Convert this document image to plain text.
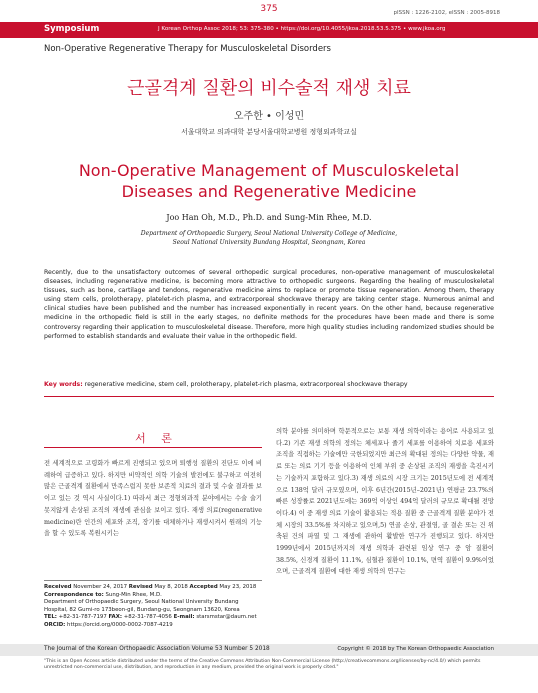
375	pISSN : 1226-2102, eISSN : 2005-8918
Symposium	J Korean Orthop Assoc 2018; 53: 375-380 • https://doi.org/10.4055/jkoa.2018.53.5.375 • www.jkoa.org
Non-Operative Regenerative Therapy for Musculoskeletal Disorders
근골격계 질환의 비수술적 재생 치료
오주한 • 이성민
서울대학교 의과대학 분당서울대학교병원 정형외과학교실
Non-Operative Management of Musculoskeletal
Diseases and Regenerative Medicine
Joo Han Oh, M.D., Ph.D. and Sung-Min Rhee, M.D.
Department of Orthopaedic Surgery, Seoul National University College of Medicine,
Seoul National University Bundang Hospital, Seongnam, Korea
Recently, due to the unsatisfactory outcomes of several orthopedic surgical procedures, non-operative management of musculoskeletal diseases, including regenerative medicine, is becoming more attractive to orthopedic surgeons. Regarding the healing of musculoskeletal tissues, such as bone, cartilage and tendons, regenerative medicine aims to replace or promote tissue regeneration. Among them, therapy using stem cells, prolotherapy, platelet-rich plasma, and extracorporeal shockwave therapy are taking center stage. Numerous animal and clinical studies have been published and the number has increased exponentially in recent years. On the other hand, because regenerative medicine in the orthopedic field is still in the early stages, no definite methods for the procedures have been made and there is some controversy regarding their application to musculoskeletal disease. Therefore, more high quality studies including randomized studies should be performed to establish standards and evaluate their value in the orthopedic field.
Key words: regenerative medicine, stem cell, prolotherapy, platelet-rich plasma, extracorporeal shockwave therapy
서 론
전 세계적으로 고령화가 빠르게 진행되고 있으며 퇴행성 질환의 진단도 이에 비례하여 급증하고 있다. 하지만 비약적인 의학 기술의 발전에도 불구하고 여전히 많은 근골격계 질환에서 만족스럽지 못한 보존적 치료의 결과 및 수술 결과를 보이고 있는 것 역시 사실이다.1) 따라서 최근 정형외과적 분야에서는 수술 술기 못지않게 손상된 조직의 재생에 관심을 보이고 있다. 재생 의료(regenerative medicine)란 인간의 세포와 조직, 장기를 대체하거나 재생시켜서 원래의 기능을 할 수 있도록 복원시키는
의학 분야를 의미하며 학문적으로는 보통 재생 의학이라는 용어로 사용되고 있다.2) 기존 재생 의학의 정의는 체세포나 줄기 세포를 이용하여 치료용 세포와 조직을 직접하는 기술에만 국한되었지만 최근의 확대된 정의는 다양한 약물, 재료 또는 의료 기기 등을 이용하여 인체 부위 중 손상된 조직의 재생을 촉진시키는 기술까지 포함하고 있다.3) 재생 의료의 시장 크기는 2015년도에 전 세계적으로 138억 달러 규모였으며, 이후 6년간(2015년–2021년) 연평균 23.7%의 빠른 성장률로 2021년도에는 369억 이상인 494억 달러의 규모로 확대될 전망이다.4) 이 중 재생 의료 기술이 활용되는 적용 질환 중 근골격계 질환 분야가 전체 시장의 33.5%를 차지하고 있으며,5) 연골 손상, 관절염, 골 결손 또는 건 위축된 건의 파열 및 그 재생에 관하여 활발한 연구가 진행되고 있다. 하지만 1999년에서 2015년까지의 재생 의학과 관련된 임상 연구 중 암 질환이 38.5%, 신경계 질환이 11.1%, 심혈관 질환이 10.1%, 면역 질환이 9.9%이었으며, 근골격계 질환에 대한 재생 의학의 연구는
Received November 24, 2017 Revised May 8, 2018 Accepted May 23, 2018
Correspondence to: Sung-Min Rhee, M.D.
Department of Orthopaedic Surgery, Seoul National University Bundang Hospital, 82 Gumi-ro 173beon-gil, Bundang-gu, Seongnam 13620, Korea
TEL: +82-31-787-7197 FAX: +82-31-787-4056 E-mail: starsmstar@daum.net
ORCID: https://orcid.org/0000-0002-7087-4219
The Journal of the Korean Orthopaedic Association Volume 53 Number 5 2018	Copyright © 2018 by The Korean Orthopaedic Association
"This is an Open Access article distributed under the terms of the Creative Commons Attribution Non-Commercial License (http://creativecommons.org/licenses/by-nc/4.0/) which permits unrestricted non-commercial use, distribution, and reproduction in any medium, provided the original work is properly cited."
